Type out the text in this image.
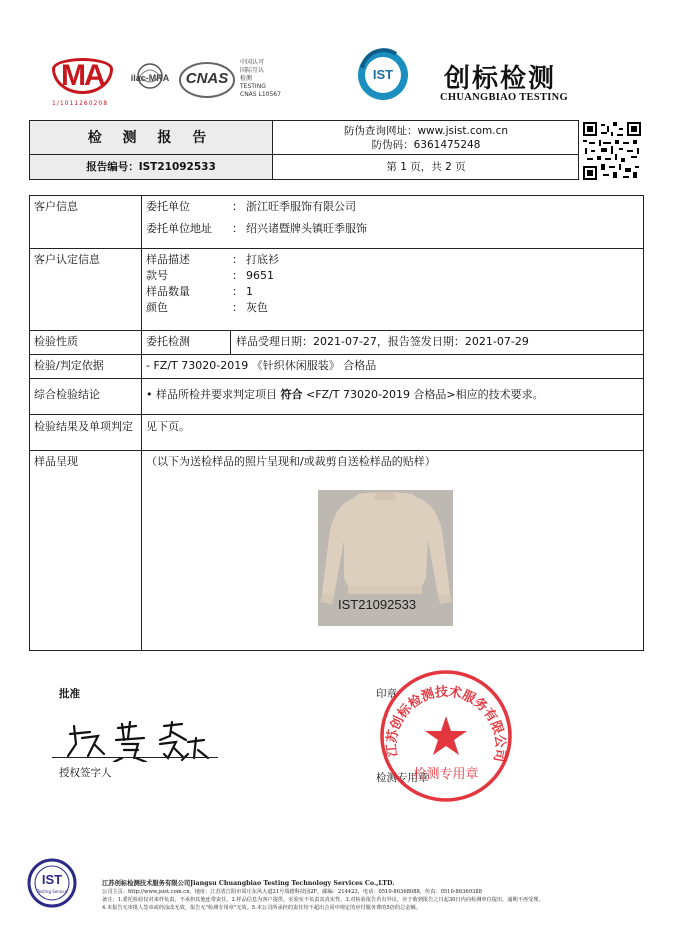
MA
1/1011260208
ilac-MRA	CNAS
中国认可
国际互认
检测
TESTING
CNAS L10567
IST	创标检测
CHUANGBIAO TESTING
检 测 报 告	防伪查询网址：www.jsist.com.cn
防伪码：6361475248
报告编号：IST21092533	第 1 页，共 2 页
客户信息	委托单位	： 浙江旺季服饰有限公司
委托单位地址	： 绍兴诸暨牌头镇旺季服饰
客户认定信息	样品描述	： 打底衫
款号	： 9651
样品数量	： 1
颜色	： 灰色
检验性质	委托检测	样品受理日期：2021-07-27，报告签发日期：2021-07-29
检验/判定依据	- FZ/T 73020-2019 《针织休闲服装》 合格品
综合检验结论	• 样品所检并要求判定项目 符合 <FZ/T 73020-2019 合格品>相应的技术要求。
检验结果及单项判定	见下页。
样品呈现	（以下为送检样品的照片呈现和/或裁剪自送检样品的贴样）
IST21092533
批准
授权签字人
印章
检测专用章
江苏创标检测技术服务有限公司
检测专用章
IST
Testing Service
江苏创标检测技术服务有限公司Jiangsu Chuangbiao Testing Technology Services Co.,LTD.
公司主页：http://www.jsist.com.cn，地址：江苏省江阴市周庄东风大道21号瑞德科技园2F，邮编：214423，电话：0510-86368088，传真：0510-86369388
备注：1.委托检验仅对来样负责，不承担其他连带责任。2.样品信息为客户提供，实验室不负责其真实性。3.对检验报告若有异议，应于收到报告之日起30日内向检测单位提出，逾期不再受理。
4.本报告无审批人签章或经涂改无效，报告无"检测专用章"无效。5.本公司所承担的责任均不超出合同中规定的应付服务费的5倍的总金额。
